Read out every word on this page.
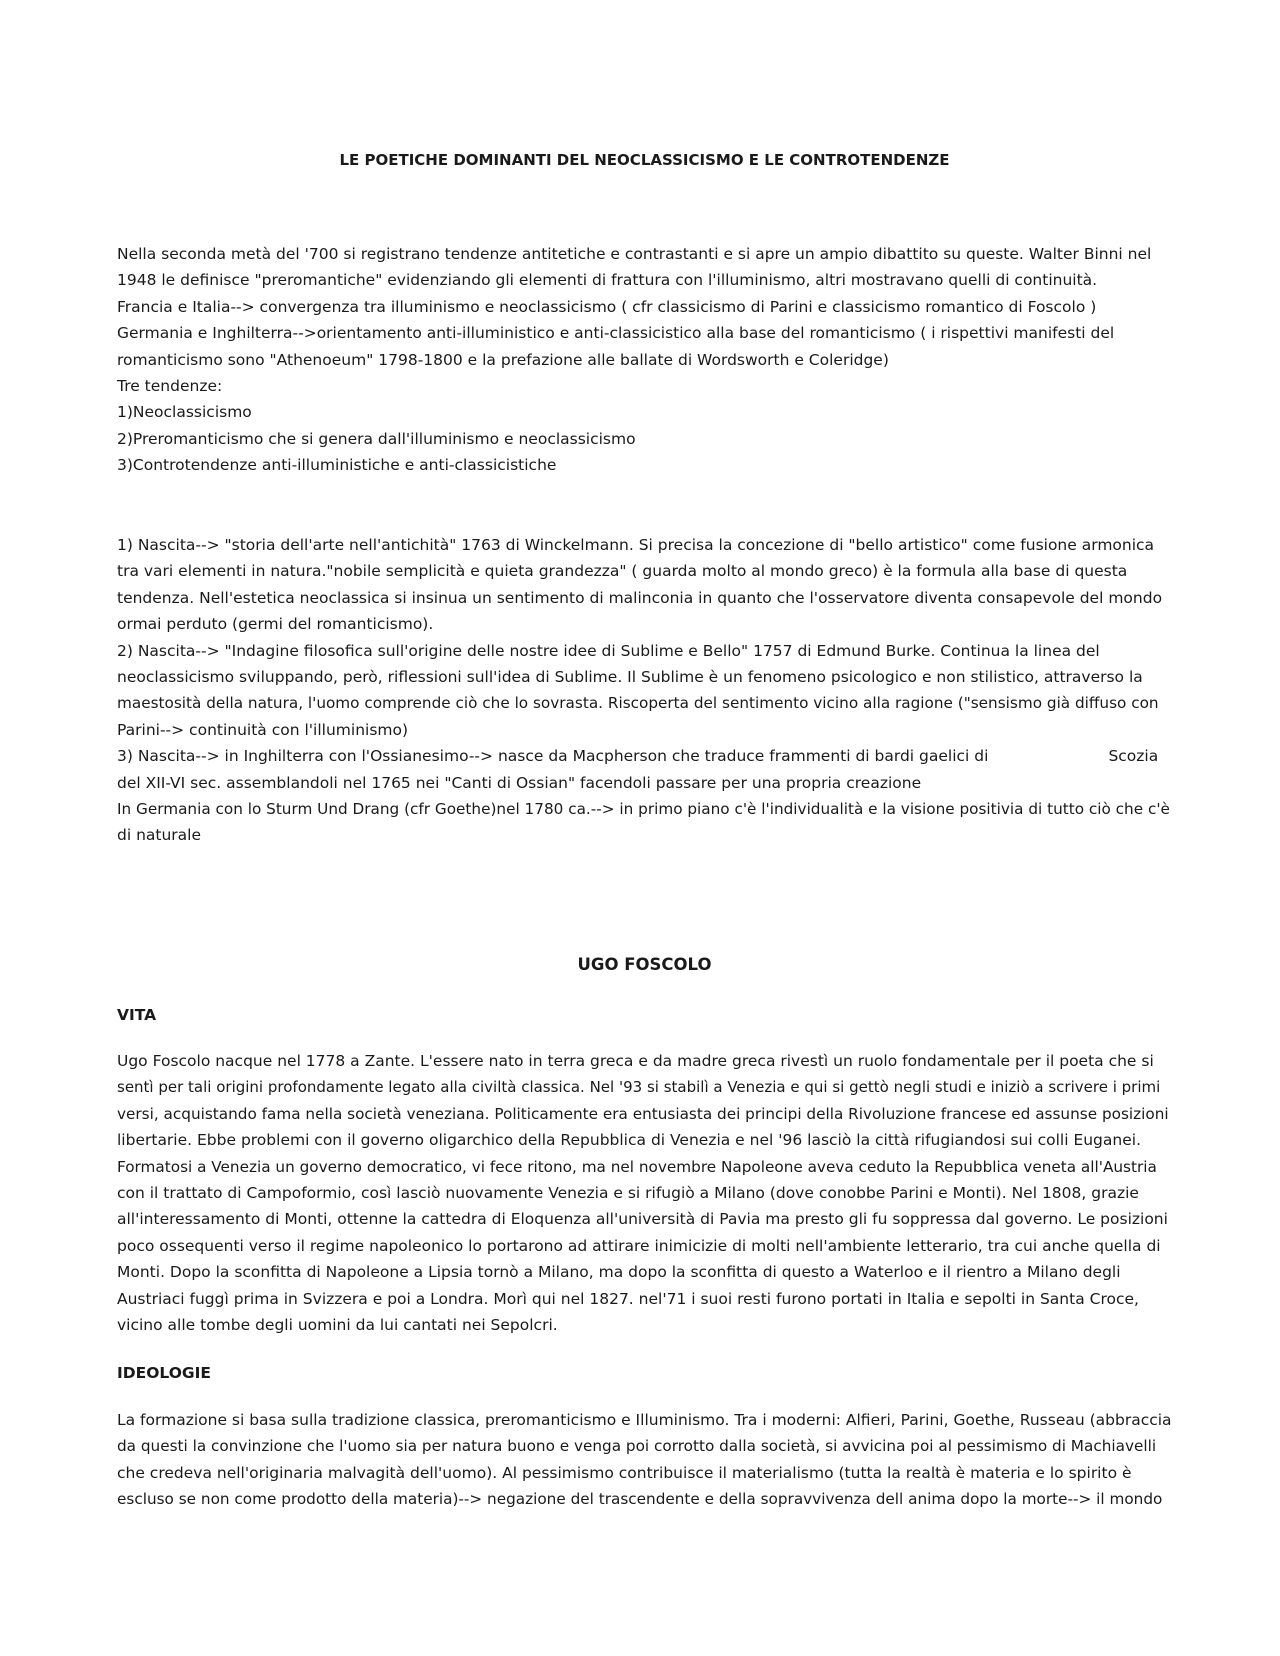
LE POETICHE DOMINANTI DEL NEOCLASSICISMO E LE CONTROTENDENZE
Nella seconda metà del '700 si registrano tendenze antitetiche e contrastanti e si apre un ampio dibattito su queste. Walter Binni nel
1948 le definisce "preromantiche" evidenziando gli elementi di frattura con l'illuminismo, altri mostravano quelli di continuità.
Francia e Italia--> convergenza tra illuminismo e neoclassicismo ( cfr classicismo di Parini e classicismo romantico di Foscolo )
Germania e Inghilterra-->orientamento anti-illuministico e anti-classicistico alla base del romanticismo ( i rispettivi manifesti del
romanticismo sono "Athenoeum" 1798-1800 e la prefazione alle ballate di Wordsworth e Coleridge)
Tre tendenze:
1)Neoclassicismo
2)Preromanticismo che si genera dall'illuminismo e neoclassicismo
3)Controtendenze anti-illuministiche e anti-classicistiche
1) Nascita--> "storia dell'arte nell'antichità" 1763 di Winckelmann. Si precisa la concezione di "bello artistico" come fusione armonica
tra vari elementi in natura."nobile semplicità e quieta grandezza" ( guarda molto al mondo greco) è la formula alla base di questa
tendenza. Nell'estetica neoclassica si insinua un sentimento di malinconia in quanto che l'osservatore diventa consapevole del mondo
ormai perduto (germi del romanticismo).
2) Nascita--> "Indagine filosofica sull'origine delle nostre idee di Sublime e Bello" 1757 di Edmund Burke. Continua la linea del
neoclassicismo sviluppando, però, riflessioni sull'idea di Sublime. Il Sublime è un fenomeno psicologico e non stilistico, attraverso la
maestosità della natura, l'uomo comprende ciò che lo sovrasta. Riscoperta del sentimento vicino alla ragione ("sensismo già diffuso con
Parini--> continuità con l'illuminismo)
3) Nascita--> in Inghilterra con l'Ossianesimo--> nasce da Macpherson che traduce frammenti di bardi gaelici di	Scozia
del XII-VI sec. assemblandoli nel 1765 nei "Canti di Ossian" facendoli passare per una propria creazione
In Germania con lo Sturm Und Drang (cfr Goethe)nel 1780 ca.--> in primo piano c'è l'individualità e la visione positivia di tutto ciò che c'è
di naturale
UGO FOSCOLO
VITA
Ugo Foscolo nacque nel 1778 a Zante. L'essere nato in terra greca e da madre greca rivestì un ruolo fondamentale per il poeta che si
sentì per tali origini profondamente legato alla civiltà classica. Nel '93 si stabilì a Venezia e qui si gettò negli studi e iniziò a scrivere i primi
versi, acquistando fama nella società veneziana. Politicamente era entusiasta dei principi della Rivoluzione francese ed assunse posizioni
libertarie. Ebbe problemi con il governo oligarchico della Repubblica di Venezia e nel '96 lasciò la città rifugiandosi sui colli Euganei.
Formatosi a Venezia un governo democratico, vi fece ritono, ma nel novembre Napoleone aveva ceduto la Repubblica veneta all'Austria
con il trattato di Campoformio, così lasciò nuovamente Venezia e si rifugiò a Milano (dove conobbe Parini e Monti). Nel 1808, grazie
all'interessamento di Monti, ottenne la cattedra di Eloquenza all'università di Pavia ma presto gli fu soppressa dal governo. Le posizioni
poco ossequenti verso il regime napoleonico lo portarono ad attirare inimicizie di molti nell'ambiente letterario, tra cui anche quella di
Monti. Dopo la sconfitta di Napoleone a Lipsia tornò a Milano, ma dopo la sconfitta di questo a Waterloo e il rientro a Milano degli
Austriaci fuggì prima in Svizzera e poi a Londra. Morì qui nel 1827. nel'71 i suoi resti furono portati in Italia e sepolti in Santa Croce,
vicino alle tombe degli uomini da lui cantati nei Sepolcri.
IDEOLOGIE
La formazione si basa sulla tradizione classica, preromanticismo e Illuminismo. Tra i moderni: Alfieri, Parini, Goethe, Russeau (abbraccia
da questi la convinzione che l'uomo sia per natura buono e venga poi corrotto dalla società, si avvicina poi al pessimismo di Machiavelli
che credeva nell'originaria malvagità dell'uomo). Al pessimismo contribuisce il materialismo (tutta la realtà è materia e lo spirito è
escluso se non come prodotto della materia)--> negazione del trascendente e della sopravvivenza dell anima dopo la morte--> il mondo
